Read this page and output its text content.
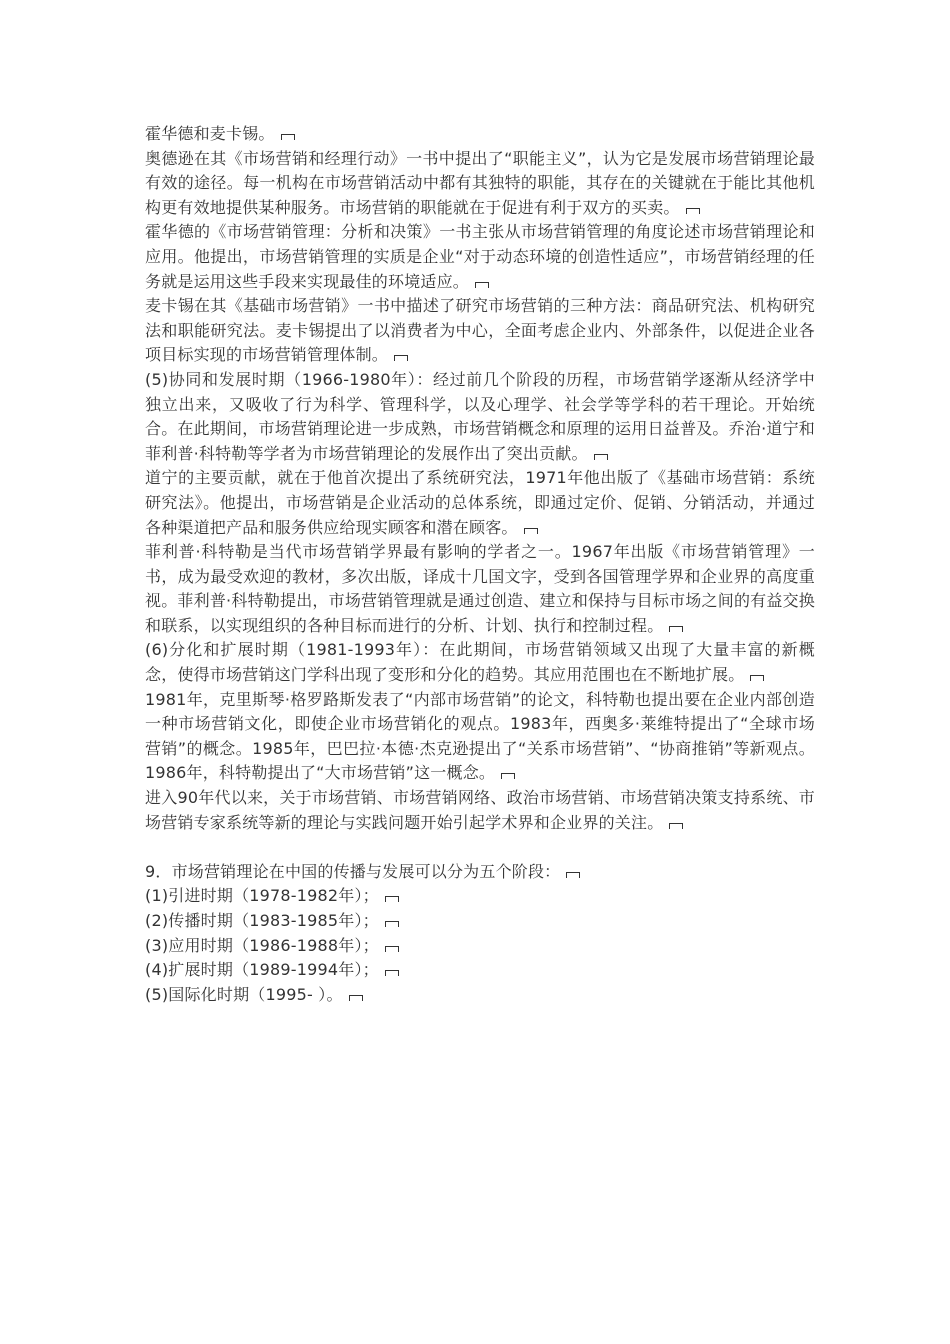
霍华德和麦卡锡。

奥德逊在其《市场营销和经理行动》一书中提出了“职能主义”，认为它是发展市场营销理论最有效的途径。每一机构在市场营销活动中都有其独特的职能，其存在的关键就在于能比其他机构更有效地提供某种服务。市场营销的职能就在于促进有利于双方的买卖。

霍华德的《市场营销管理：分析和决策》一书主张从市场营销管理的角度论述市场营销理论和应用。他提出，市场营销管理的实质是企业“对于动态环境的创造性适应”，市场营销经理的任务就是运用这些手段来实现最佳的环境适应。

麦卡锡在其《基础市场营销》一书中描述了研究市场营销的三种方法：商品研究法、机构研究法和职能研究法。麦卡锡提出了以消费者为中心，全面考虑企业内、外部条件，以促进企业各项目标实现的市场营销管理体制。

(5)协同和发展时期（1966-1980年）：经过前几个阶段的历程，市场营销学逐渐从经济学中独立出来，又吸收了行为科学、管理科学，以及心理学、社会学等学科的若干理论。开始统合。在此期间，市场营销理论进一步成熟，市场营销概念和原理的运用日益普及。乔治·道宁和菲利普·科特勒等学者为市场营销理论的发展作出了突出贡献。

道宁的主要贡献，就在于他首次提出了系统研究法，1971年他出版了《基础市场营销：系统研究法》。他提出，市场营销是企业活动的总体系统，即通过定价、促销、分销活动，并通过各种渠道把产品和服务供应给现实顾客和潜在顾客。

菲利普·科特勒是当代市场营销学界最有影响的学者之一。1967年出版《市场营销管理》一书，成为最受欢迎的教材，多次出版，译成十几国文字，受到各国管理学界和企业界的高度重视。菲利普·科特勒提出，市场营销管理就是通过创造、建立和保持与目标市场之间的有益交换和联系，以实现组织的各种目标而进行的分析、计划、执行和控制过程。

(6)分化和扩展时期（1981-1993年）：在此期间，市场营销领域又出现了大量丰富的新概念，使得市场营销这门学科出现了变形和分化的趋势。其应用范围也在不断地扩展。

1981年，克里斯琴·格罗路斯发表了“内部市场营销”的论文，科特勒也提出要在企业内部创造一种市场营销文化，即使企业市场营销化的观点。1983年，西奥多·莱维特提出了“全球市场营销”的概念。1985年，巴巴拉·本德·杰克逊提出了“关系市场营销”、“协商推销”等新观点。1986年，科特勒提出了“大市场营销”这一概念。

进入90年代以来，关于市场营销、市场营销网络、政治市场营销、市场营销决策支持系统、市场营销专家系统等新的理论与实践问题开始引起学术界和企业界的关注。

9．市场营销理论在中国的传播与发展可以分为五个阶段：

(1)引进时期（1978-1982年）；

(2)传播时期（1983-1985年）；

(3)应用时期（1986-1988年）；

(4)扩展时期（1989-1994年）；

(5)国际化时期（1995- ）。
